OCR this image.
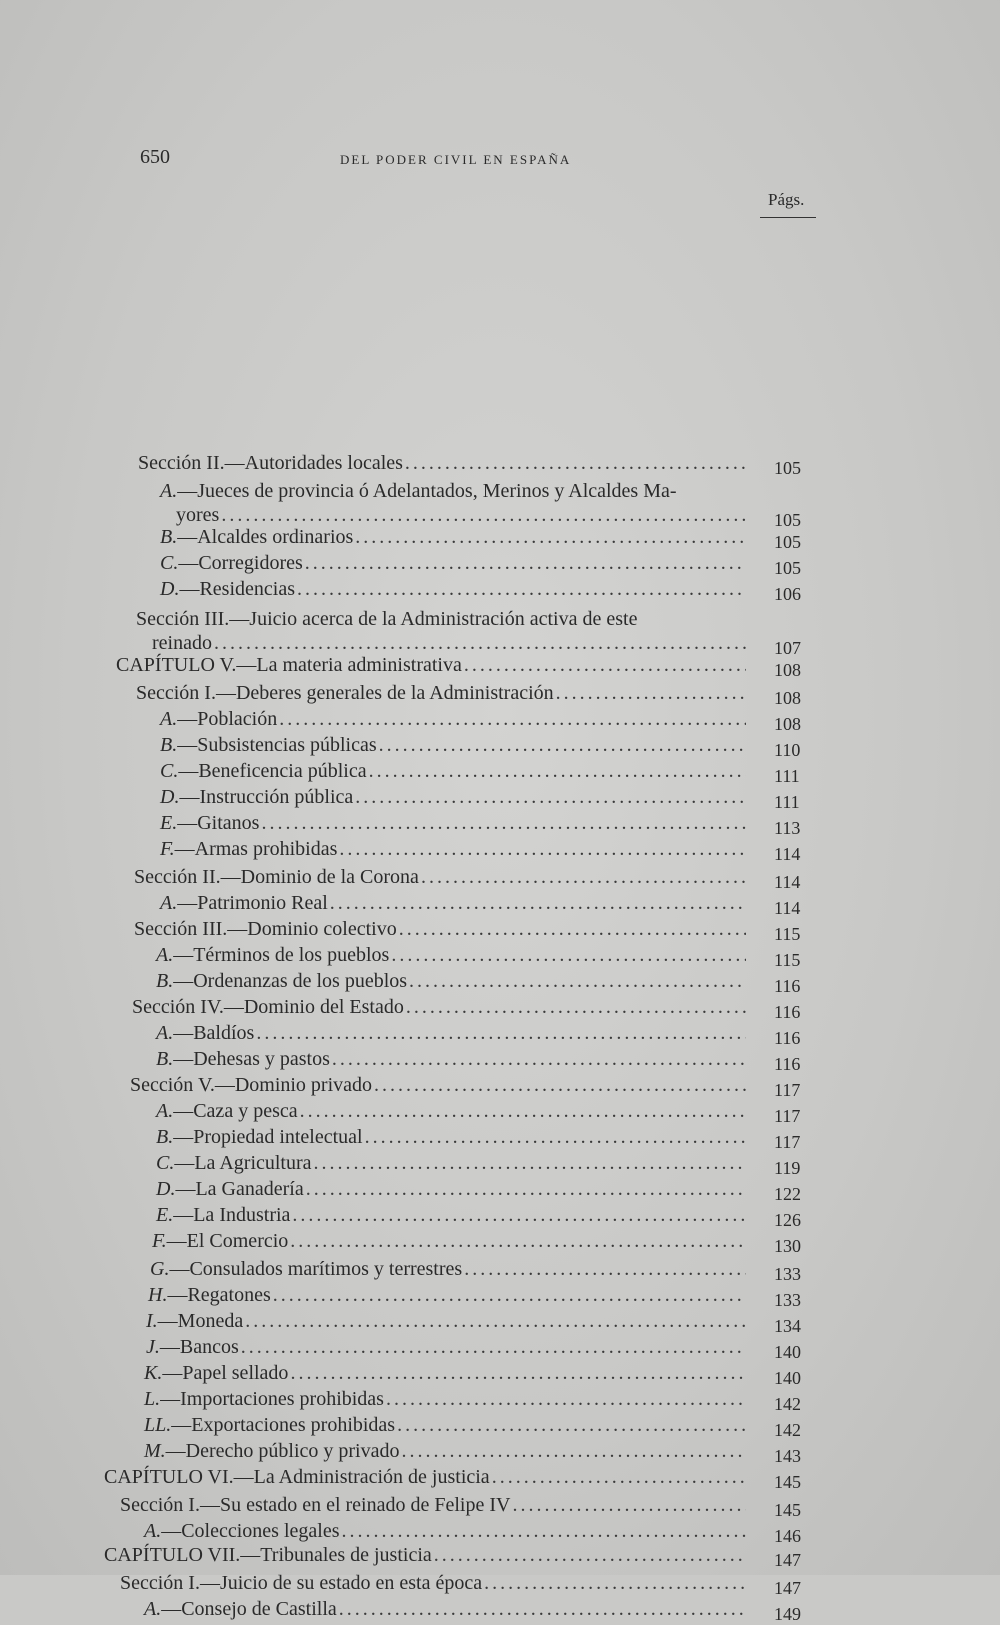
650	DEL PODER CIVIL EN ESPAÑA
Págs.
Sección II.—Autoridades locales . . .	105
A.—Jueces de provincia ó Adelantados, Merinos y Alcaldes Ma-
yores . . .	105
B.—Alcaldes ordinarios . . .	105
C.—Corregidores . . .	105
D.—Residencias . . .	106
Sección III.—Juicio acerca de la Administración activa de este
reinado . . .	107
CAPÍTULO V.—La materia administrativa . . .	108
Sección I.—Deberes generales de la Administración . . .	108
A.—Población . . .	108
B.—Subsistencias públicas . . .	110
C.—Beneficencia pública . . .	111
D.—Instrucción pública . . .	111
E.—Gitanos . . .	113
F.—Armas prohibidas . . .	114
Sección II.—Dominio de la Corona . . .	114
A.—Patrimonio Real . . .	114
Sección III.—Dominio colectivo . . .	115
A.—Términos de los pueblos . . .	115
B.—Ordenanzas de los pueblos . . .	116
Sección IV.—Dominio del Estado . . .	116
A.—Baldíos . . .	116
B.—Dehesas y pastos . . .	116
Sección V.—Dominio privado . . .	117
A.—Caza y pesca . . .	117
B.—Propiedad intelectual . . .	117
C.—La Agricultura . . .	119
D.—La Ganadería . . .	122
E.—La Industria . . .	126
F.—El Comercio . . .	130
G.—Consulados marítimos y terrestres . . .	133
H.—Regatones . . .	133
I.—Moneda . . .	134
J.—Bancos . . .	140
K.—Papel sellado . . .	140
L.—Importaciones prohibidas . . .	142
LL.—Exportaciones prohibidas . . .	142
M.—Derecho público y privado . . .	143
CAPÍTULO VI.—La Administración de justicia . . .	145
Sección I.—Su estado en el reinado de Felipe IV . . .	145
A.—Colecciones legales . . .	146
CAPÍTULO VII.—Tribunales de justicia . . .	147
Sección I.—Juicio de su estado en esta época . . .	147
A.—Consejo de Castilla . . .	149
